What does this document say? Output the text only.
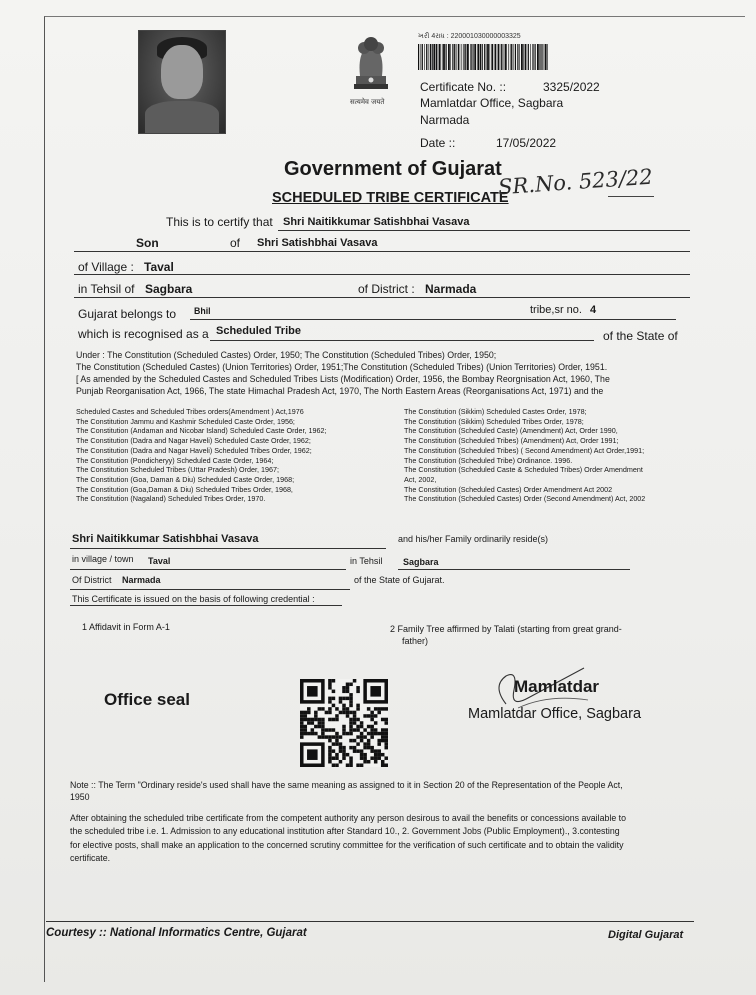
सत्यमेव जयते
ખરી 4રાધ : 220001030000003325
Certificate No. ::	3325/2022
Mamlatdar Office, Sagbara
Narmada
Date ::	17/05/2022
Government of Gujarat
SCHEDULED TRIBE CERTIFICATE
SR.No. 523/22
This is to certify that Shri Naitikkumar Satishbhai Vasava
Son	of Shri Satishbhai Vasava
of Village : Taval
in Tehsil of Sagbara	of District : Narmada
Gujarat belongs to Bhil	tribe,sr no. 4
which is recognised as a Scheduled Tribe	of the State of
Under : The Constitution (Scheduled Castes) Order, 1950; The Constitution (Scheduled Tribes) Order, 1950;
The Constitution (Scheduled Castes) (Union Territories) Order, 1951;The Constitution (Scheduled Tribes) (Union Territories) Order, 1951.
[ As amended by the Scheduled Castes and Scheduled Tribes Lists (Modification) Order, 1956, the Bombay Reorgnisation Act, 1960, The
Punjab Reorganisation Act, 1966, The state Himachal Pradesh Act, 1970, The North Eastern Areas (Reorganisations Act, 1971) and the
Scheduled Castes and Scheduled Tribes orders(Amendment ) Act,1976
The Constitution Jammu and Kashmir Scheduled Caste Order, 1956;
The Constitution (Andaman and Nicobar Island) Scheduled Caste Order, 1962;
The Constitution (Dadra and Nagar Haveli) Scheduled Caste Order, 1962;
The Constitution (Dadra and Nagar Haveli) Scheduled Tribes Order, 1962;
The Constitution (Pondicheryy) Scheduled Caste Order, 1964;
The Constitution Scheduled Tribes (Uttar Pradesh) Order, 1967;
The Constitution (Goa, Daman & Diu) Scheduled Caste Order, 1968;
The Constitution (Goa,Daman & Diu) Scheduled Tribes Order, 1968,
The Constitution (Nagaland) Scheduled Tribes Order, 1970.
The Constitution (Sikkim) Scheduled Castes Order, 1978;
The Constitution (Sikkim) Scheduled Tribes Order, 1978;
The Constitution (Scheduled Caste) (Amendment) Act, Order 1990,
The Constitution (Scheduled Tribes) (Amendment) Act, Order 1991;
The Constitution (Scheduled Tribes) ( Second Amendment) Act Order,1991;
The Constitution (Scheduled Tribe) Ordinance. 1996.
The Constitution (Scheduled Caste & Scheduled Tribes) Order Amendment
Act, 2002,
The Constitution (Scheduled Castes) Order Amendment Act 2002
The Constitution (Scheduled Castes) Order (Second Amendment) Act, 2002
Shri Naitikkumar Satishbhai Vasava	and his/her Family ordinarily reside(s)
in village / town Taval	in Tehsil Sagbara
Of District Narmada	of the State of Gujarat.
This Certificate is issued on the basis of following credential :
1 Affidavit in Form A-1	2 Family Tree affirmed by Talati (starting from great grand-
father)
Office seal
Mamlatdar
Mamlatdar Office, Sagbara
Note :: The Term "Ordinary reside's used shall have the same meaning as assigned to it in Section 20 of the Representation of the People Act,
1950
After obtaining the scheduled tribe certificate from the competent authority any person desirous to avail the benefits or concessions available to
the scheduled tribe i.e. 1. Admission to any educational institution after Standard 10., 2. Government Jobs (Public Employment)., 3.contesting
for elective posts, shall make an application to the concerned scrutiny committee for the verification of such certificate and to obtain the validity
certificate.
Courtesy :: National Informatics Centre, Gujarat	Digital Gujarat
